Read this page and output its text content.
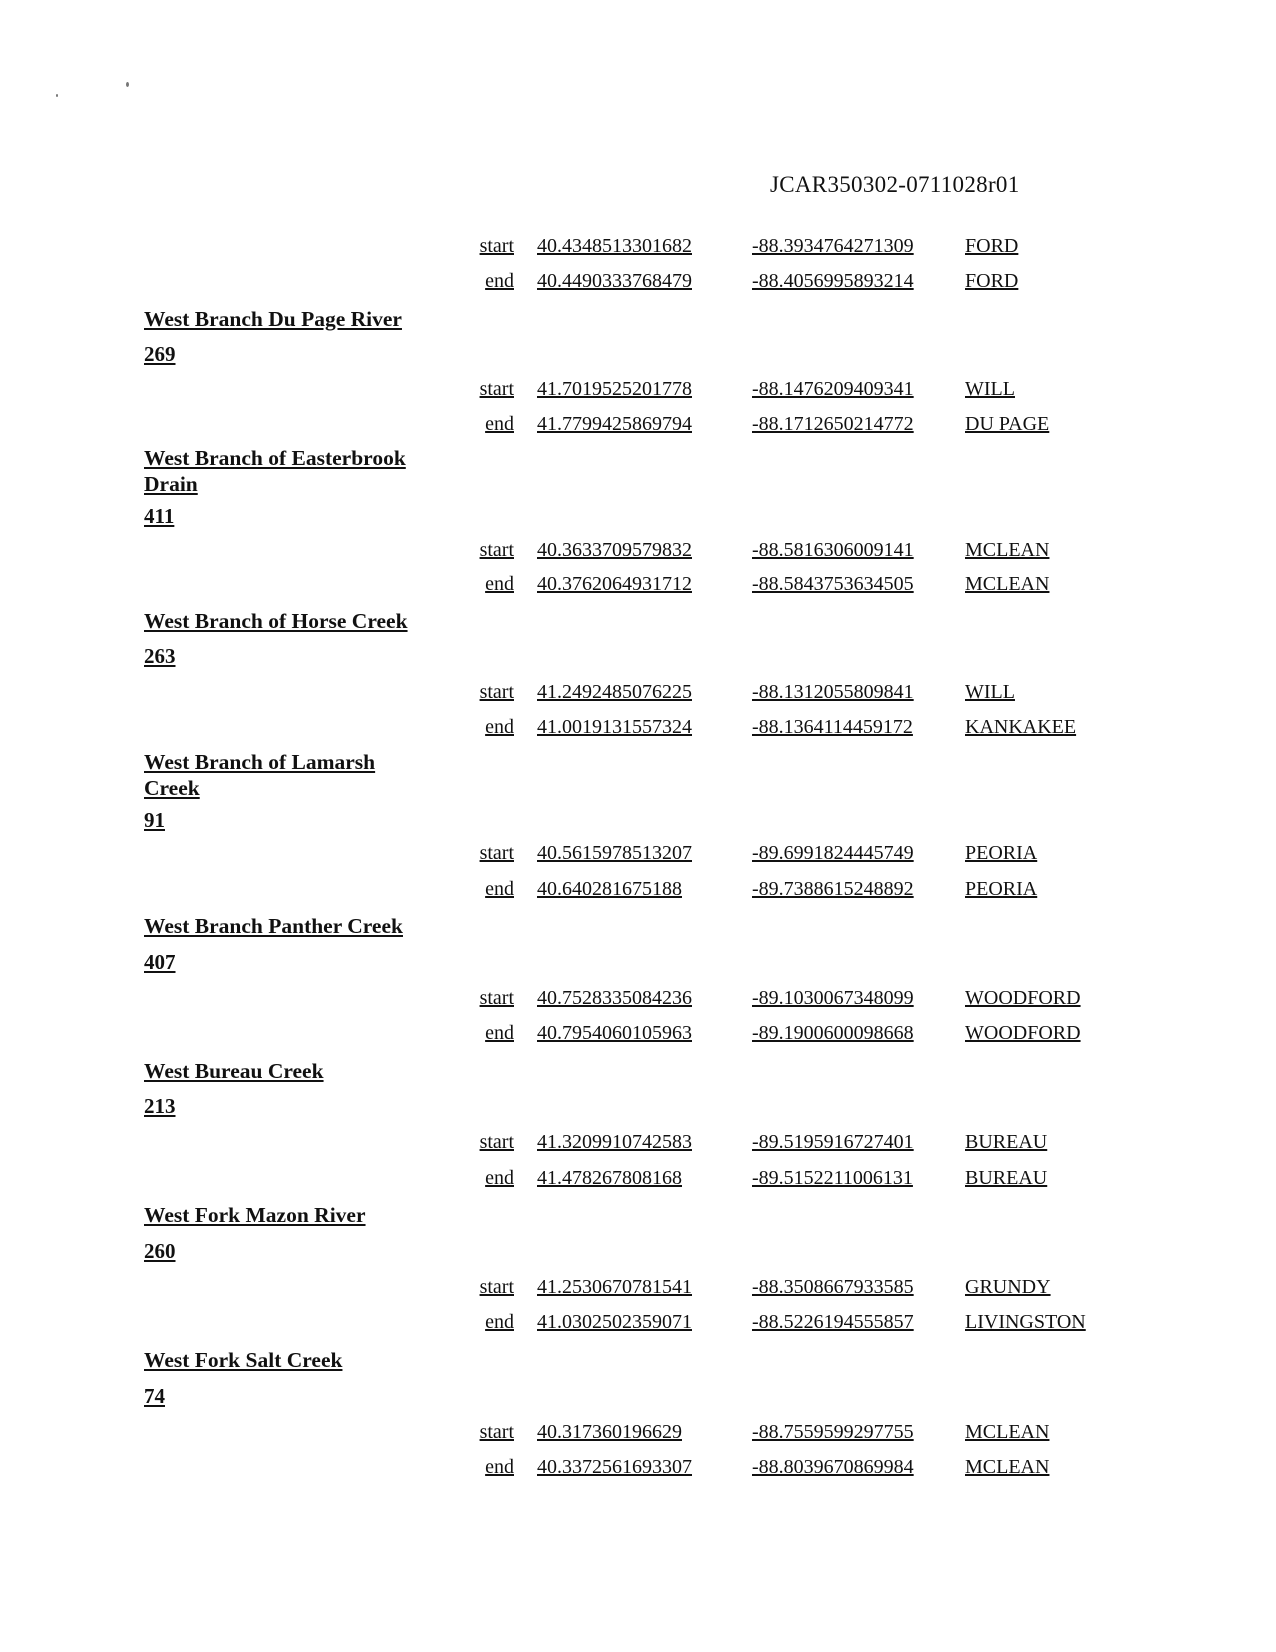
JCAR350302-0711028r01
start 40.4348513301682	-88.3934764271309	FORD
end 40.4490333768479	-88.4056995893214	FORD
West Branch Du Page River
269
start 41.7019525201778	-88.1476209409341	WILL
end 41.7799425869794	-88.1712650214772	DU PAGE
West Branch of Easterbrook Drain
411
start 40.3633709579832	-88.5816306009141	MCLEAN
end 40.3762064931712	-88.5843753634505	MCLEAN
West Branch of Horse Creek
263
start 41.2492485076225	-88.1312055809841	WILL
end 41.0019131557324	-88.1364114459172	KANKAKEE
West Branch of Lamarsh Creek
91
start 40.5615978513207	-89.6991824445749	PEORIA
end 40.640281675188	-89.7388615248892	PEORIA
West Branch Panther Creek
407
start 40.7528335084236	-89.1030067348099	WOODFORD
end 40.7954060105963	-89.1900600098668	WOODFORD
West Bureau Creek
213
start 41.3209910742583	-89.5195916727401	BUREAU
end 41.478267808168	-89.5152211006131	BUREAU
West Fork Mazon River
260
start 41.2530670781541	-88.3508667933585	GRUNDY
end 41.0302502359071	-88.5226194555857	LIVINGSTON
West Fork Salt Creek
74
start 40.317360196629	-88.7559599297755	MCLEAN
end 40.3372561693307	-88.8039670869984	MCLEAN
